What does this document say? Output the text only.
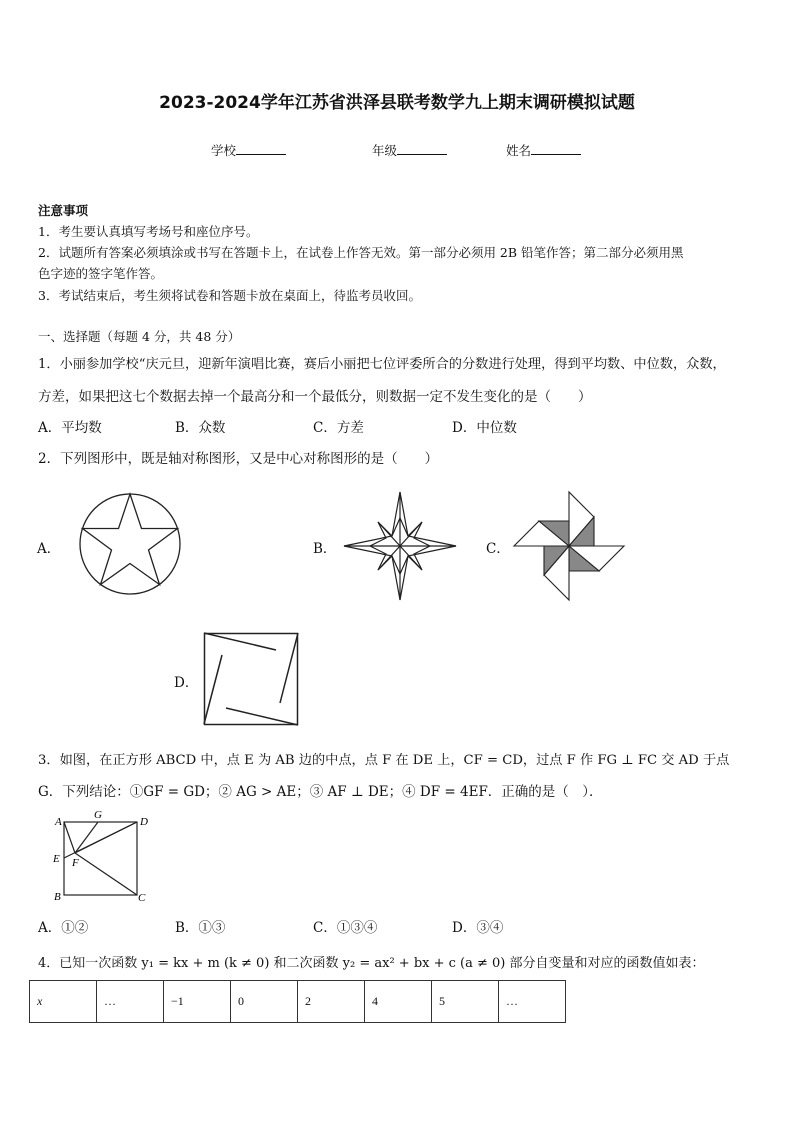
2023-2024学年江苏省洪泽县联考数学九上期末调研模拟试题
学校	年级	姓名
注意事项
1．考生要认真填写考场号和座位序号。
2．试题所有答案必须填涂或书写在答题卡上，在试卷上作答无效。第一部分必须用 2B 铅笔作答；第二部分必须用黑
色字迹的签字笔作答。
3．考试结束后，考生须将试卷和答题卡放在桌面上，待监考员收回。
一、选择题（每题 4 分，共 48 分）
1．小丽参加学校“庆元旦，迎新年演唱比赛，赛后小丽把七位评委所合的分数进行处理，得到平均数、中位数，众数，
方差，如果把这七个数据去掉一个最高分和一个最低分，则数据一定不发生变化的是（　　）
A．平均数	B．众数	C．方差	D．中位数
2．下列图形中，既是轴对称图形，又是中心对称图形的是（　　）
A．	B．	C．
D．
3．如图，在正方形 ABCD 中，点 E 为 AB 边的中点，点 F 在 DE 上，CF = CD，过点 F 作 FG ⊥ FC 交 AD 于点
G．下列结论：①GF = GD；② AG > AE；③ AF ⊥ DE；④ DF = 4EF．正确的是（　）．
A
G
D
E F
B	C
A．①②	B．①③	C．①③④	D．③④
4．已知一次函数 y₁ = kx + m (k ≠ 0) 和二次函数 y₂ = ax² + bx + c (a ≠ 0) 部分自变量和对应的函数值如表：
x	…	−1	0	2	4	5	…
